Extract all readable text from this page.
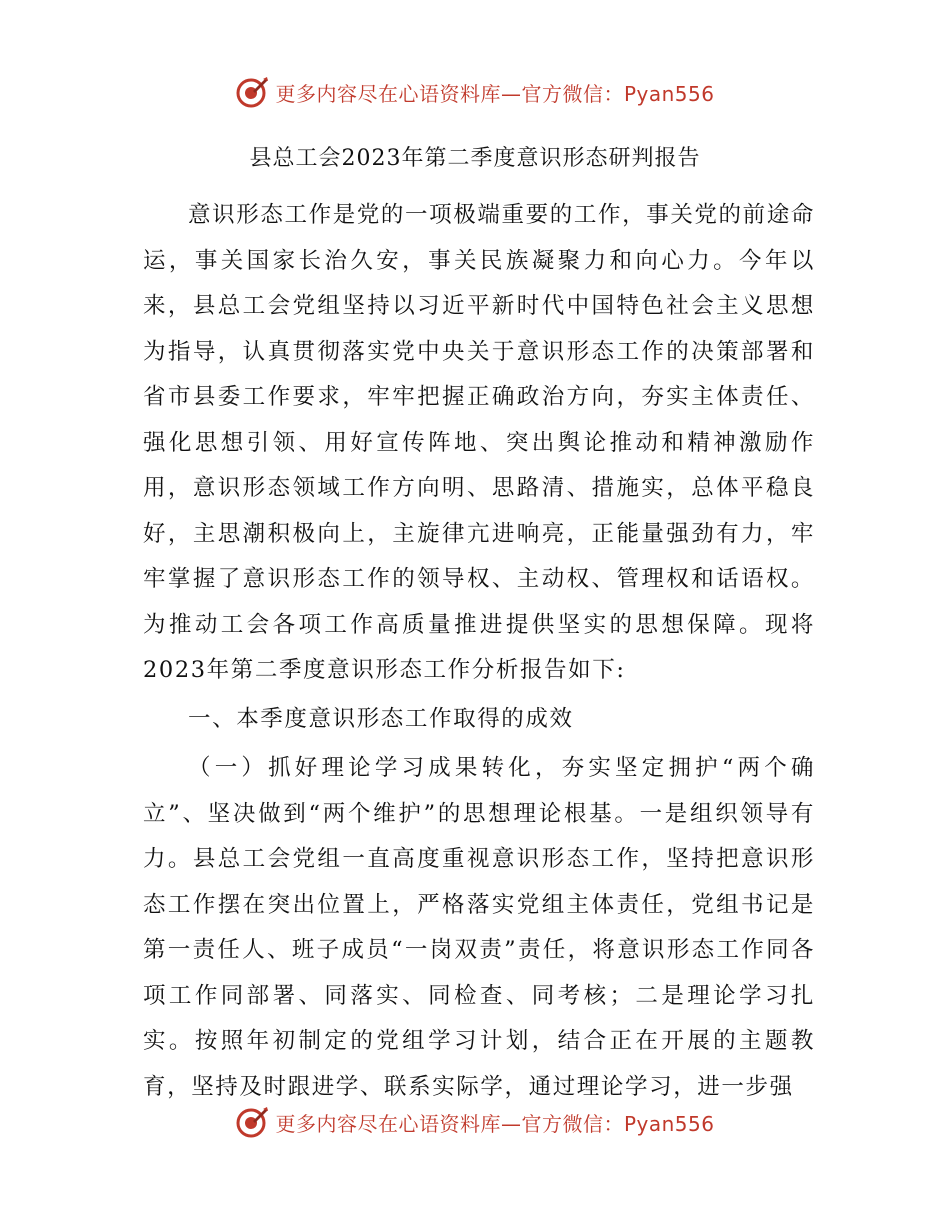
更多内容尽在心语资料库—官方微信：Pyan556
县总工会2023年第二季度意识形态研判报告

意识形态工作是党的一项极端重要的工作，事关党的前途命运，事关国家长治久安，事关民族凝聚力和向心力。今年以来，县总工会党组坚持以习近平新时代中国特色社会主义思想为指导，认真贯彻落实党中央关于意识形态工作的决策部署和省市县委工作要求，牢牢把握正确政治方向，夯实主体责任、强化思想引领、用好宣传阵地、突出舆论推动和精神激励作用，意识形态领域工作方向明、思路清、措施实，总体平稳良好，主思潮积极向上，主旋律亢进响亮，正能量强劲有力，牢牢掌握了意识形态工作的领导权、主动权、管理权和话语权。为推动工会各项工作高质量推进提供坚实的思想保障。现将2023年第二季度意识形态工作分析报告如下:

一、本季度意识形态工作取得的成效

（一）抓好理论学习成果转化，夯实坚定拥护“两个确立”、坚决做到“两个维护”的思想理论根基。一是组织领导有力。县总工会党组一直高度重视意识形态工作，坚持把意识形态工作摆在突出位置上，严格落实党组主体责任，党组书记是第一责任人、班子成员“一岗双责”责任，将意识形态工作同各项工作同部署、同落实、同检查、同考核；二是理论学习扎实。按照年初制定的党组学习计划，结合正在开展的主题教育，坚持及时跟进学、联系实际学，通过理论学习，进一步强

更多内容尽在心语资料库—官方微信：Pyan556
